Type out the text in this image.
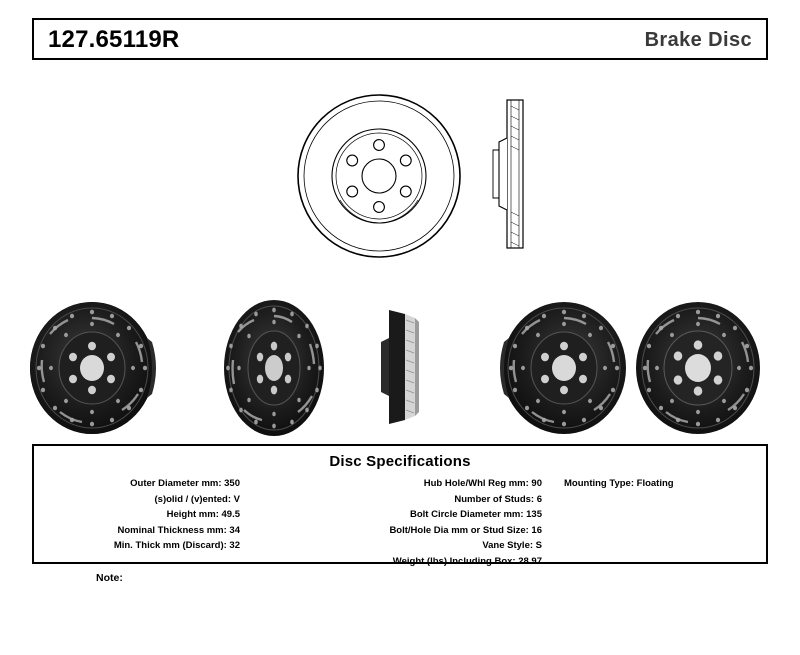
127.65119R	Brake Disc
Disc Specifications
Outer Diameter mm: 350
(s)olid / (v)ented: V
Height mm: 49.5
Nominal Thickness mm: 34
Min. Thick mm (Discard): 32
Hub Hole/Whl Reg mm: 90
Number of Studs: 6
Bolt Circle Diameter mm: 135
Bolt/Hole Dia mm or Stud Size: 16
Vane Style: S
Weight (lbs) Including Box: 28.97
Mounting Type: Floating
Note:
